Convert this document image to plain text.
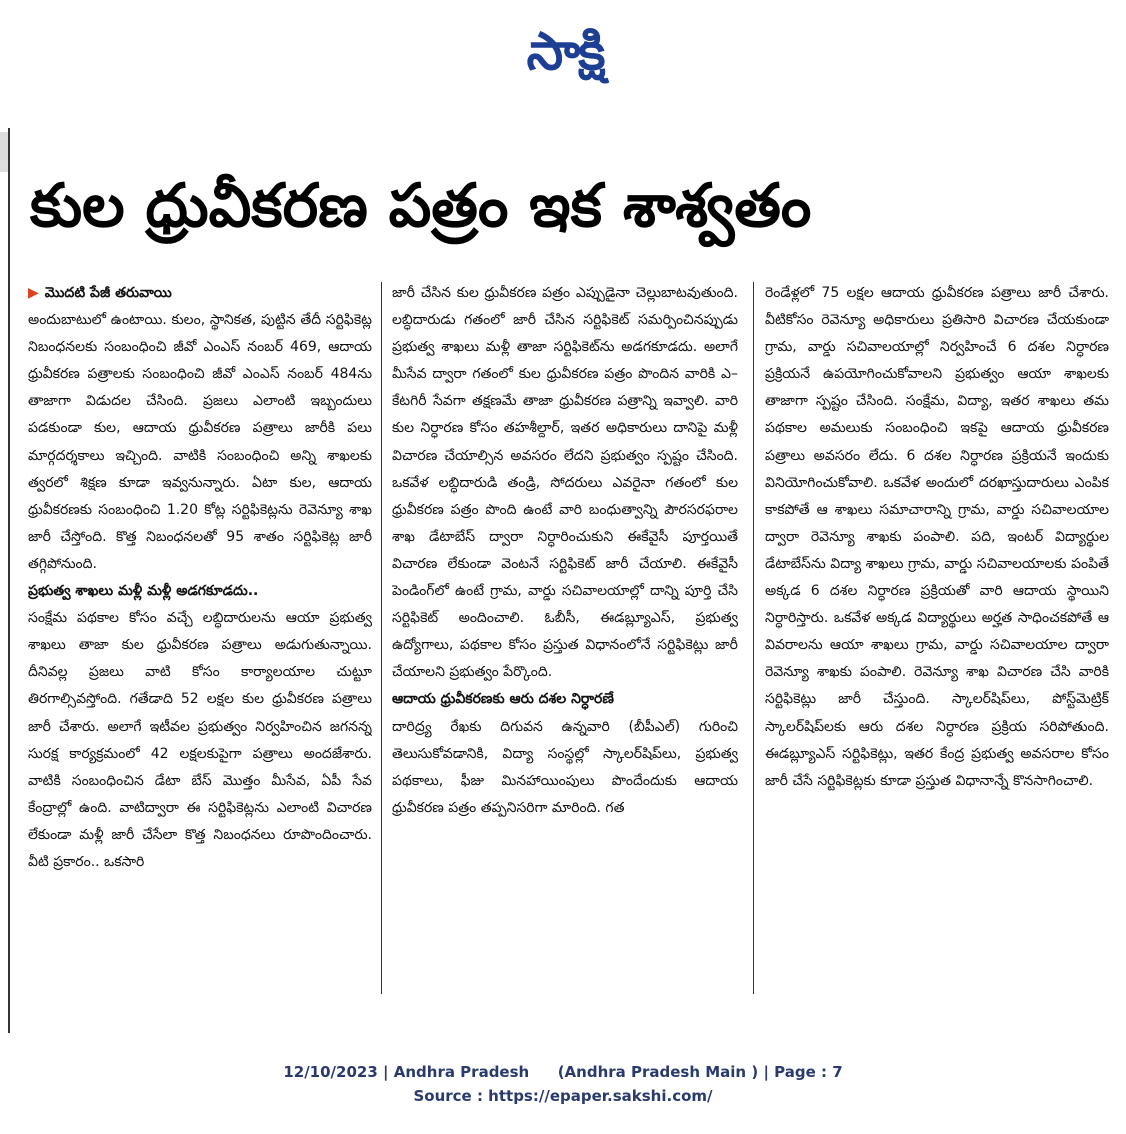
సాక్షి
కుల ధ్రువీకరణ పత్రం ఇక శాశ్వతం
▶ మొదటి పేజీ తరువాయి
అందుబాటులో ఉంటాయి. కులం, స్థానికత, పుట్టిన తేదీ సర్టిఫికెట్ల నిబంధనలకు సంబంధించి జీవో ఎంఎస్ నంబర్ 469, ఆదాయ ధ్రువీకరణ పత్రాలకు సంబంధించి జీవో ఎంఎస్ నంబర్ 484ను తాజాగా విడుదల చేసింది. ప్రజలు ఎలాంటి ఇబ్బందులు పడకుండా కుల, ఆదాయ ధ్రువీకరణ పత్రాలు జారీకి పలు మార్గదర్శకాలు ఇచ్చింది. వాటికి సంబంధించి అన్ని శాఖలకు త్వరలో శిక్షణ కూడా ఇవ్వనున్నారు. ఏటా కుల, ఆదాయ ధ్రువీకరణకు సంబంధించి 1.20 కోట్ల సర్టిఫికెట్లను రెవెన్యూ శాఖ జారీ చేస్తోంది. కొత్త నిబంధనలతో 95 శాతం సర్టిఫికెట్ల జారీ తగ్గిపోనుంది.
ప్రభుత్వ శాఖలు మళ్లీ మళ్లీ అడగకూడదు..
సంక్షేమ పథకాల కోసం వచ్చే లబ్ధిదారులను ఆయా ప్రభుత్వ శాఖలు తాజా కుల ధ్రువీకరణ పత్రాలు అడుగుతున్నాయి. దీనివల్ల ప్రజలు వాటి కోసం కార్యాలయాల చుట్టూ తిరగాల్సివస్తోంది. గతేడాది 52 లక్షల కుల ధ్రువీకరణ పత్రాలు జారీ చేశారు. అలాగే ఇటీవల ప్రభుత్వం నిర్వహించిన జగనన్న సురక్ష కార్యక్రమంలో 42 లక్షలకుపైగా పత్రాలు అందజేశారు. వాటికి సంబంధించిన డేటా బేస్ మొత్తం మీసేవ, ఏపీ సేవ కేంద్రాల్లో ఉంది. వాటిద్వారా ఈ సర్టిఫికెట్లను ఎలాంటి విచారణ లేకుండా మళ్లీ జారీ చేసేలా కొత్త నిబంధనలు రూపొందించారు. వీటి ప్రకారం.. ఒకసారి
జారీ చేసిన కుల ధ్రువీకరణ పత్రం ఎప్పుడైనా చెల్లుబాటవుతుంది. లబ్ధిదారుడు గతంలో జారీ చేసిన సర్టిఫికెట్ సమర్పించినప్పుడు ప్రభుత్వ శాఖలు మళ్లీ తాజా సర్టిఫికెట్‌ను అడగకూడదు. అలాగే మీసేవ ద్వారా గతంలో కుల ధ్రువీకరణ పత్రం పొందిన వారికి ఎ–కేటగిరీ సేవగా తక్షణమే తాజా ధ్రువీకరణ పత్రాన్ని ఇవ్వాలి. వారి కుల నిర్ధారణ కోసం తహశీల్దార్, ఇతర అధికారులు దానిపై మళ్లీ విచారణ చేయాల్సిన అవసరం లేదని ప్రభుత్వం స్పష్టం చేసింది. ఒకవేళ లబ్ధిదారుడి తండ్రి, సోదరులు ఎవరైనా గతంలో కుల ధ్రువీకరణ పత్రం పొంది ఉంటే వారి బంధుత్వాన్ని పౌరసరఫరాల శాఖ డేటాబేస్ ద్వారా నిర్ధారించుకుని ఈకేవైసీ పూర్తయితే విచారణ లేకుండా వెంటనే సర్టిఫికెట్ జారీ చేయాలి. ఈకేవైసీ పెండింగ్‌లో ఉంటే గ్రామ, వార్డు సచివాలయాల్లో దాన్ని పూర్తి చేసి సర్టిఫికెట్ అందించాలి. ఓబీసీ, ఈడబ్ల్యూఎస్, ప్రభుత్వ ఉద్యోగాలు, పథకాల కోసం ప్రస్తుత విధానంలోనే సర్టిఫికెట్లు జారీ చేయాలని ప్రభుత్వం పేర్కొంది.
ఆదాయ ధ్రువీకరణకు ఆరు దశల నిర్ధారణే
దారిద్ర్య రేఖకు దిగువన ఉన్నవారి (బీపీఎల్) గురించి తెలుసుకోవడానికి, విద్యా సంస్థల్లో స్కాలర్‌షిప్‌లు, ప్రభుత్వ పథకాలు, ఫీజు మినహాయింపులు పొందేందుకు ఆదాయ ధ్రువీకరణ పత్రం తప్పనిసరిగా మారింది. గత
రెండేళ్లలో 75 లక్షల ఆదాయ ధ్రువీకరణ పత్రాలు జారీ చేశారు. వీటికోసం రెవెన్యూ అధికారులు ప్రతిసారి విచారణ చేయకుండా గ్రామ, వార్డు సచివాలయాల్లో నిర్వహించే 6 దశల నిర్ధారణ ప్రక్రియనే ఉపయోగించుకోవాలని ప్రభుత్వం ఆయా శాఖలకు తాజాగా స్పష్టం చేసింది. సంక్షేమ, విద్యా, ఇతర శాఖలు తమ పథకాల అమలుకు సంబంధించి ఇకపై ఆదాయ ధ్రువీకరణ పత్రాలు అవసరం లేదు. 6 దశల నిర్ధారణ ప్రక్రియనే ఇందుకు వినియోగించుకోవాలి. ఒకవేళ అందులో దరఖాస్తుదారులు ఎంపిక కాకపోతే ఆ శాఖలు సమాచారాన్ని గ్రామ, వార్డు సచివాలయాల ద్వారా రెవెన్యూ శాఖకు పంపాలి. పది, ఇంటర్ విద్యార్థుల డేటాబేస్‌ను విద్యా శాఖలు గ్రామ, వార్డు సచివాలయాలకు పంపితే అక్కడ 6 దశల నిర్ధారణ ప్రక్రియతో వారి ఆదాయ స్థాయిని నిర్ధారిస్తారు. ఒకవేళ అక్కడ విద్యార్థులు అర్హత సాధించకపోతే ఆ వివరాలను ఆయా శాఖలు గ్రామ, వార్డు సచివాలయాల ద్వారా రెవెన్యూ శాఖకు పంపాలి. రెవెన్యూ శాఖ విచారణ చేసి వారికి సర్టిఫికెట్లు జారీ చేస్తుంది. స్కాలర్‌షిప్‌లు, పోస్ట్‌మెట్రిక్ స్కాలర్‌షిప్‌లకు ఆరు దశల నిర్ధారణ ప్రక్రియ సరిపోతుంది. ఈడబ్ల్యూఎస్ సర్టిఫికెట్లు, ఇతర కేంద్ర ప్రభుత్వ అవసరాల కోసం జారీ చేసే సర్టిఫికెట్లకు కూడా ప్రస్తుత విధానాన్నే కొనసాగించాలి.
12/10/2023 | Andhra Pradesh (Andhra Pradesh Main ) | Page : 7
Source : https://epaper.sakshi.com/
